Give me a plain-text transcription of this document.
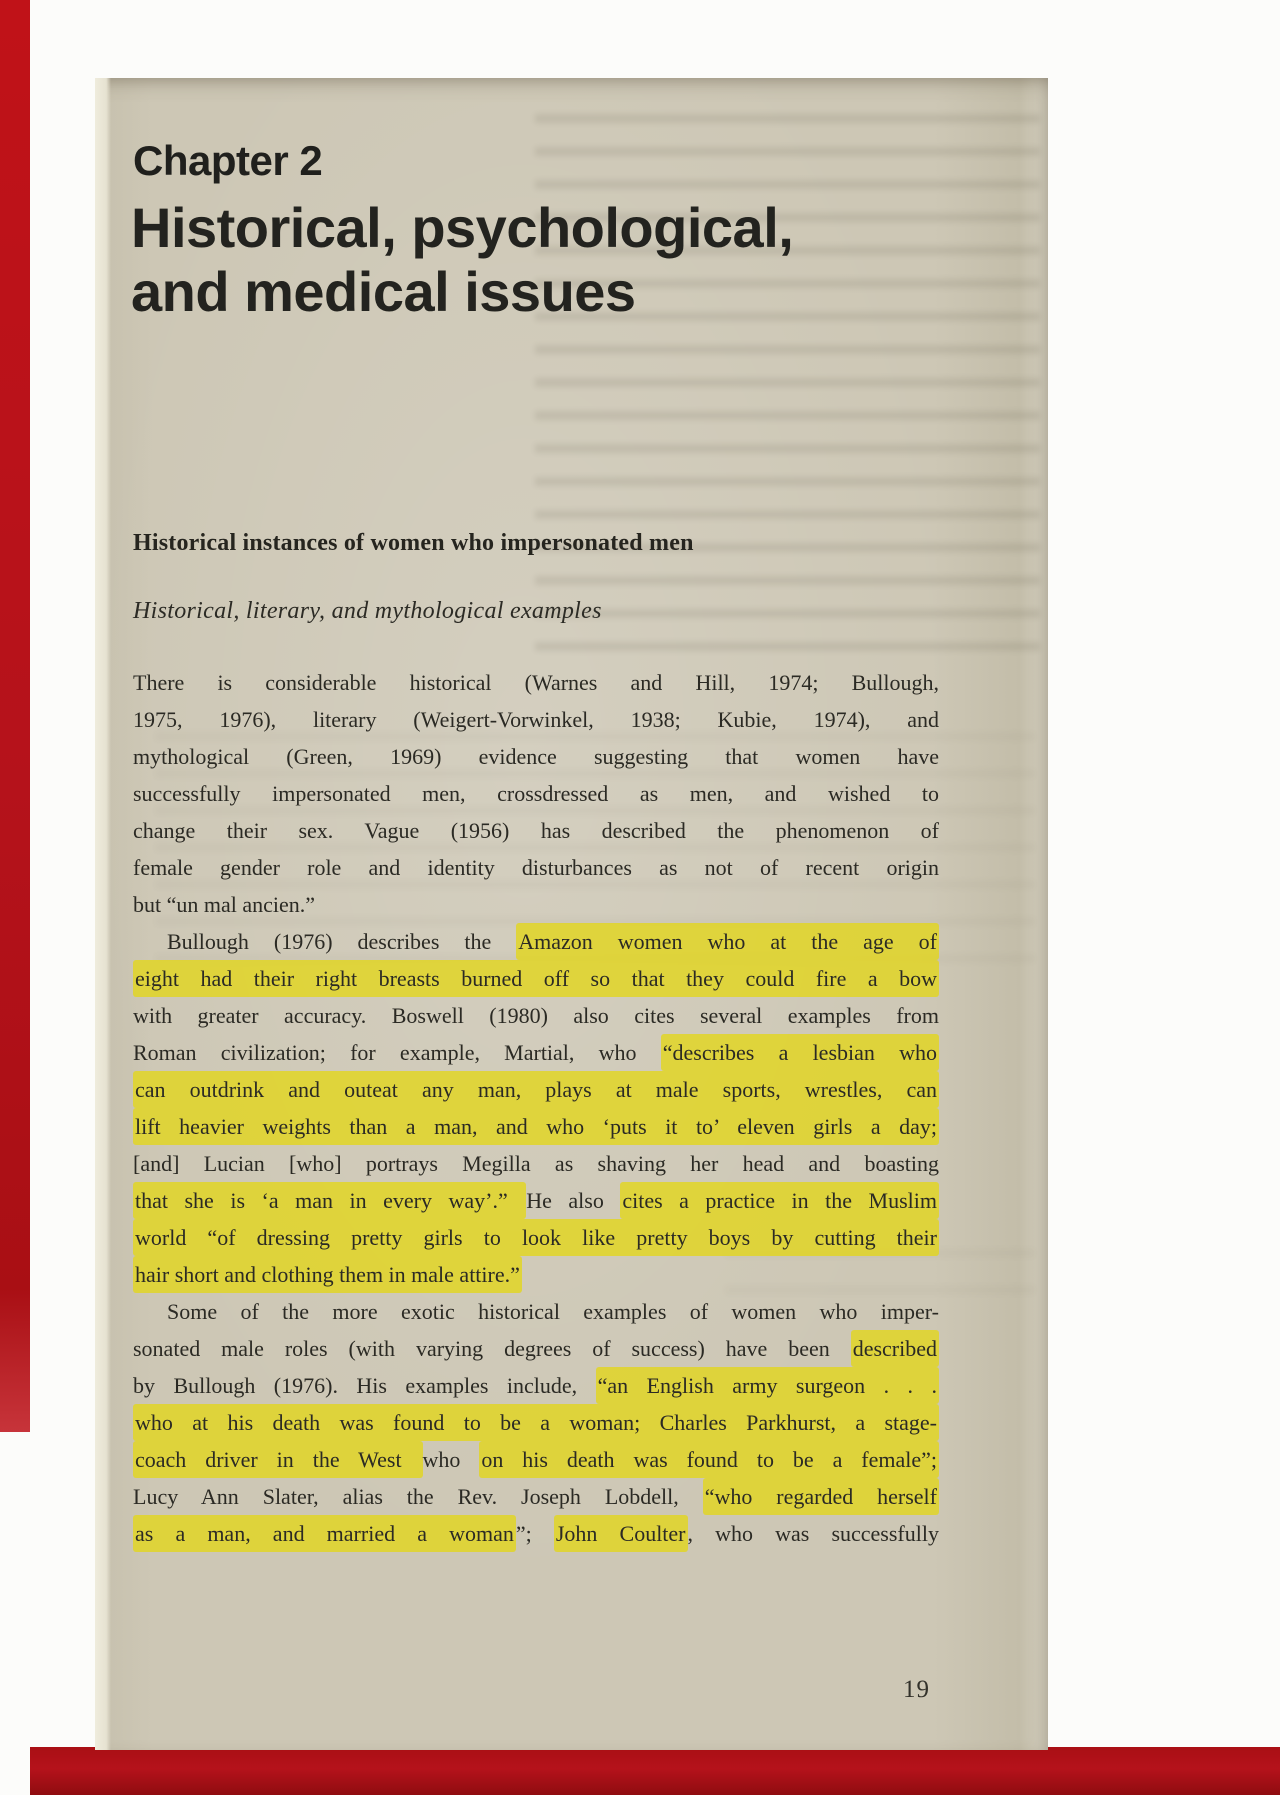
Chapter 2
Historical, psychological,
and medical issues
Historical instances of women who impersonated men
Historical, literary, and mythological examples
There is considerable historical (Warnes and Hill, 1974; Bullough,
1975, 1976), literary (Weigert-Vorwinkel, 1938; Kubie, 1974), and
mythological (Green, 1969) evidence suggesting that women have
successfully impersonated men, crossdressed as men, and wished to
change their sex. Vague (1956) has described the phenomenon of
female gender role and identity disturbances as not of recent origin
but “un mal ancien.”
Bullough (1976) describes the Amazon women who at the age of
eight had their right breasts burned off so that they could fire a bow
with greater accuracy. Boswell (1980) also cites several examples from
Roman civilization; for example, Martial, who “describes a lesbian who
can outdrink and outeat any man, plays at male sports, wrestles, can
lift heavier weights than a man, and who ‘puts it to’ eleven girls a day;
[and] Lucian [who] portrays Megilla as shaving her head and boasting
that she is ‘a man in every way’.” He also cites a practice in the Muslim
world “of dressing pretty girls to look like pretty boys by cutting their
hair short and clothing them in male attire.”
Some of the more exotic historical examples of women who imper-
sonated male roles (with varying degrees of success) have been described
by Bullough (1976). His examples include, “an English army surgeon . . .
who at his death was found to be a woman; Charles Parkhurst, a stage-
coach driver in the West who on his death was found to be a female”;
Lucy Ann Slater, alias the Rev. Joseph Lobdell, “who regarded herself
as a man, and married a woman”; John Coulter, who was successfully
19
